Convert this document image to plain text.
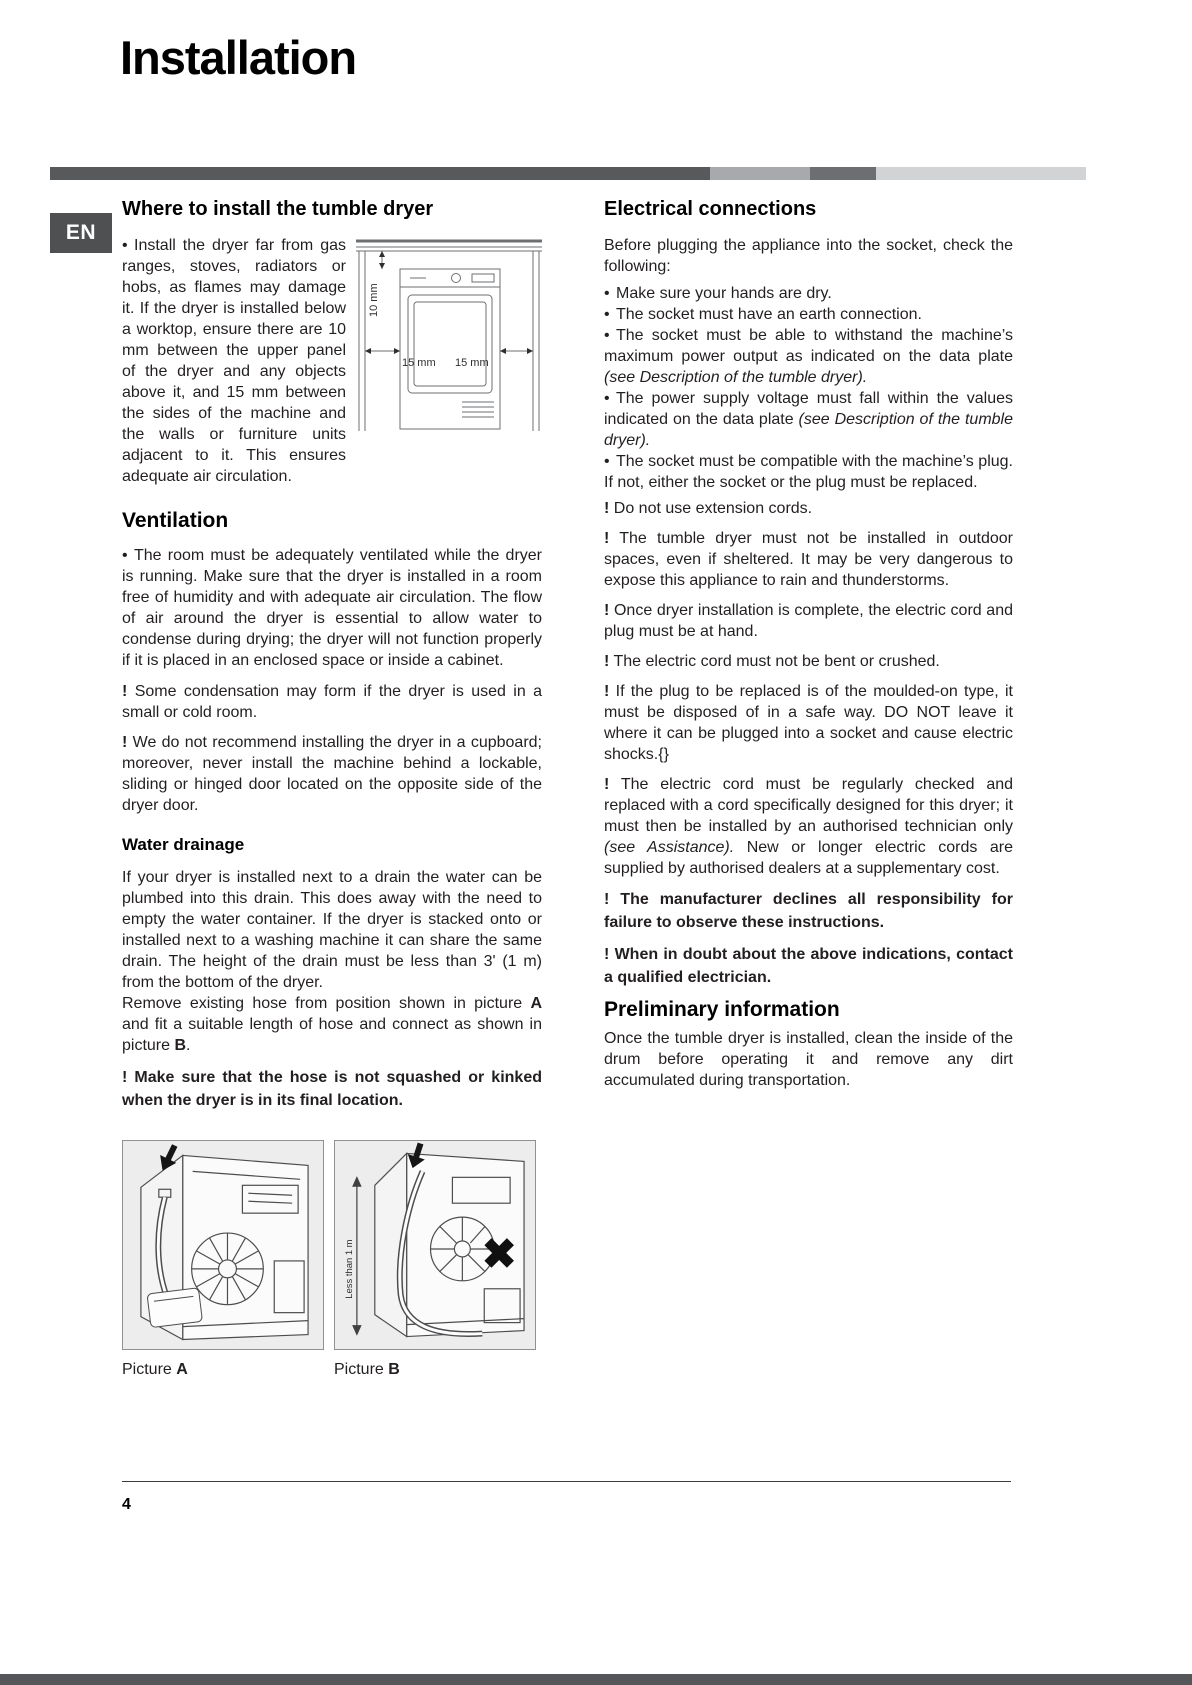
Installation
EN
Where to install the tumble dryer
10 mm
15 mm 15 mm

• Install the dryer far from gas ranges, stoves, radiators or hobs, as flames may damage it. If the dryer is installed below a worktop, ensure there are 10 mm between the upper panel of the dryer and any objects above it, and 15 mm between the sides of the machine and the walls or furniture units adjacent to it. This ensures adequate air circulation.

Ventilation

• The room must be adequately ventilated while the dryer is running. Make sure that the dryer is installed in a room free of humidity and with adequate air circulation. The flow of air around the dryer is essential to allow water to condense during drying; the dryer will not function properly if it is placed in an enclosed space or inside a cabinet.

! Some condensation may form if the dryer is used in a small or cold room.

! We do not recommend installing the dryer in a cupboard; moreover, never install the machine behind a lockable, sliding or hinged door located on the opposite side of the dryer door.

Water drainage

If your dryer is installed next to a drain the water can be plumbed into this drain. This does away with the need to empty the water container. If the dryer is stacked onto or installed next to a washing machine it can share the same drain. The height of the drain must be less than 3' (1 m) from the bottom of the dryer.
Remove existing hose from position shown in picture A and fit a suitable length of hose and connect as shown in picture B.

! Make sure that the hose is not squashed or kinked when the dryer is in its final location.

Less than 1 m
Picture A	Picture B
Electrical connections

Before plugging the appliance into the socket, check the following:

• Make sure your hands are dry.

• The socket must have an earth connection.

• The socket must be able to withstand the machine’s maximum power output as indicated on the data plate (see Description of the tumble dryer).

• The power supply voltage must fall within the values indicated on the data plate (see Description of the tumble dryer).

• The socket must be compatible with the machine’s plug. If not, either the socket or the plug must be replaced.

! Do not use extension cords.

! The tumble dryer must not be installed in outdoor spaces, even if sheltered. It may be very dangerous to expose this appliance to rain and thunderstorms.

! Once dryer installation is complete, the electric cord and plug must be at hand.

! The electric cord must not be bent or crushed.

! If the plug to be replaced is of the moulded-on type, it must be disposed of in a safe way. DO NOT leave it where it can be plugged into a socket and cause electric shocks.{}

! The electric cord must be regularly checked and replaced with a cord specifically designed for this dryer; it must then be installed by an authorised technician only (see Assistance). New or longer electric cords are supplied by authorised dealers at a supplementary cost.

! The manufacturer declines all responsibility for failure to observe these instructions.

! When in doubt about the above indications, contact a qualified electrician.

Preliminary information

Once the tumble dryer is installed, clean the inside of the drum before operating it and remove any dirt accumulated during transportation.

4
